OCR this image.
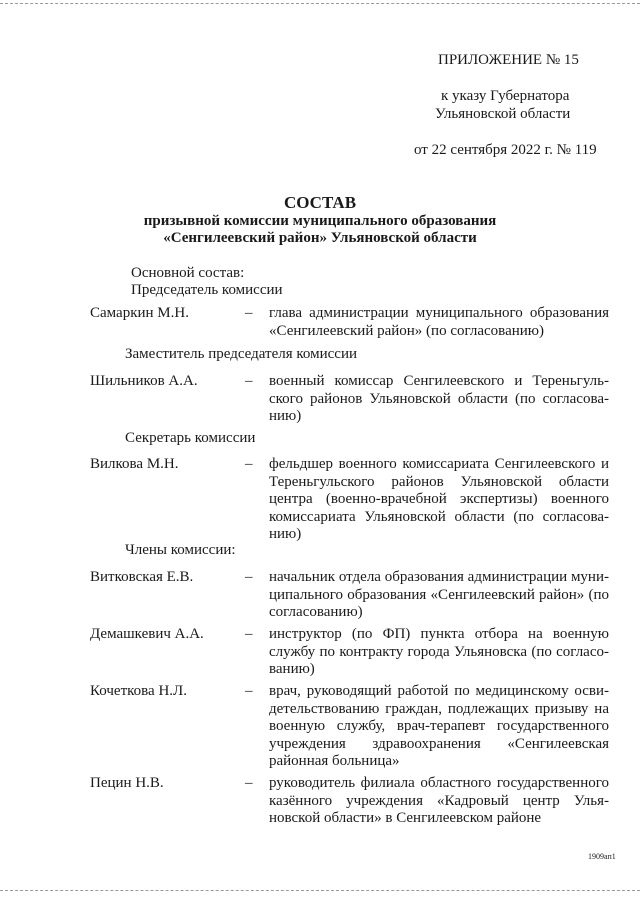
ПРИЛОЖЕНИЕ № 15
к указу Губернатора
Ульяновской области
от 22 сентября 2022 г. № 119
СОСТАВ
призывной комиссии муниципального образования
«Сенгилеевский район» Ульяновской области
Основной состав:
Председатель комиссии
Самаркин М.Н.	– глава администрации муниципального образования «Сенгилеевский район» (по согласованию)
Заместитель председателя комиссии
Шильников А.А.	– военный комиссар Сенгилеевского и Тереньгульского районов Ульяновской области (по согласованию)
Секретарь комиссии
Вилкова М.Н.	– фельдшер военного комиссариата Сенгилеевского и Тереньгульского районов Ульяновской области центра (военно-врачебной экспертизы) военного комиссариата Ульяновской области (по согласованию)
Члены комиссии:
Витковская Е.В.	– начальник отдела образования администрации муниципального образования «Сенгилеевский район» (по согласованию)
Демашкевич А.А.	– инструктор (по ФП) пункта отбора на военную службу по контракту города Ульяновска (по согласованию)
Кочеткова Н.Л.	– врач, руководящий работой по медицинскому освидетельствованию граждан, подлежащих призыву на военную службу, врач-терапевт государственного учреждения здравоохранения «Сенгилеевская районная больница»
Пецин Н.В.	– руководитель филиала областного государственного казённого учреждения «Кадровый центр Ульяновской области» в Сенгилеевском районе
1909ап1
